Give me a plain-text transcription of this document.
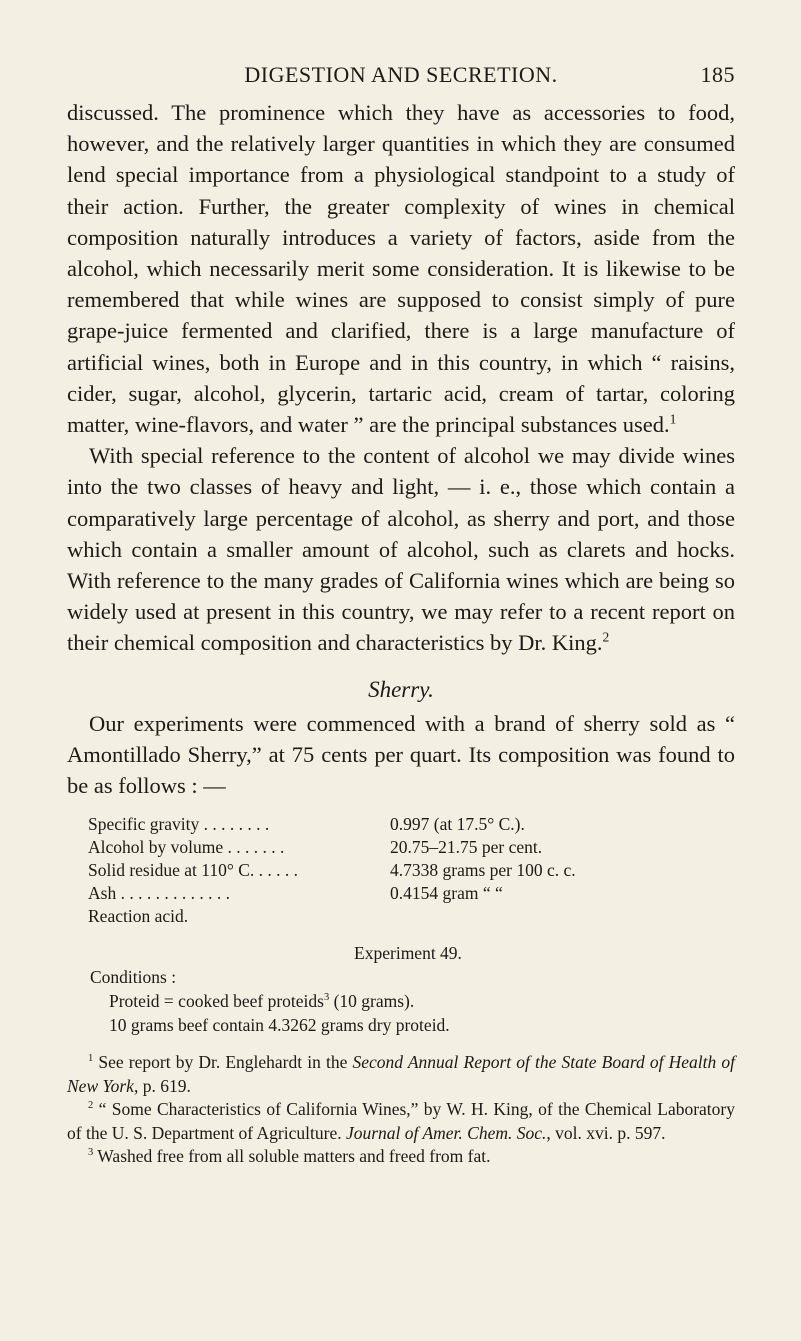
DIGESTION AND SECRETION.	185

discussed. The prominence which they have as accessories to food, however, and the relatively larger quantities in which they are consumed lend special importance from a physiological standpoint to a study of their action. Further, the greater complexity of wines in chemical composition naturally introduces a variety of factors, aside from the alcohol, which necessarily merit some consideration. It is likewise to be remembered that while wines are supposed to consist simply of pure grape-juice fermented and clarified, there is a large manufacture of artificial wines, both in Europe and in this country, in which “ raisins, cider, sugar, alcohol, glycerin, tartaric acid, cream of tartar, coloring matter, wine-flavors, and water ” are the principal substances used.$^1$

With special reference to the content of alcohol we may divide wines into the two classes of heavy and light, — i. e., those which contain a comparatively large percentage of alcohol, as sherry and port, and those which contain a smaller amount of alcohol, such as clarets and hocks. With reference to the many grades of California wines which are being so widely used at present in this country, we may refer to a recent report on their chemical composition and characteristics by Dr. King.$^2$

Sherry.

Our experiments were commenced with a brand of sherry sold as “ Amontillado Sherry,” at 75 cents per quart. Its composition was found to be as follows : —

Specific gravity . . . . . . . .	0.997 (at 17.5° C.).
Alcohol by volume . . . . . . .	20.75–21.75 per cent.
Solid residue at 110° C. . . . . .	4.7338 grams per 100 c. c.
Ash . . . . . . . . . . . . .	0.4154 gram “ “
Reaction acid.
Experiment 49.
Conditions :
Proteid = cooked beef proteids$^3$ (10 grams).
10 grams beef contain 4.3262 grams dry proteid.

$^1$ See report by Dr. Englehardt in the Second Annual Report of the State Board of Health of New York, p. 619.

$^2$ “ Some Characteristics of California Wines,” by W. H. King, of the Chemical Laboratory of the U. S. Department of Agriculture. Journal of Amer. Chem. Soc., vol. xvi. p. 597.

$^3$ Washed free from all soluble matters and freed from fat.
